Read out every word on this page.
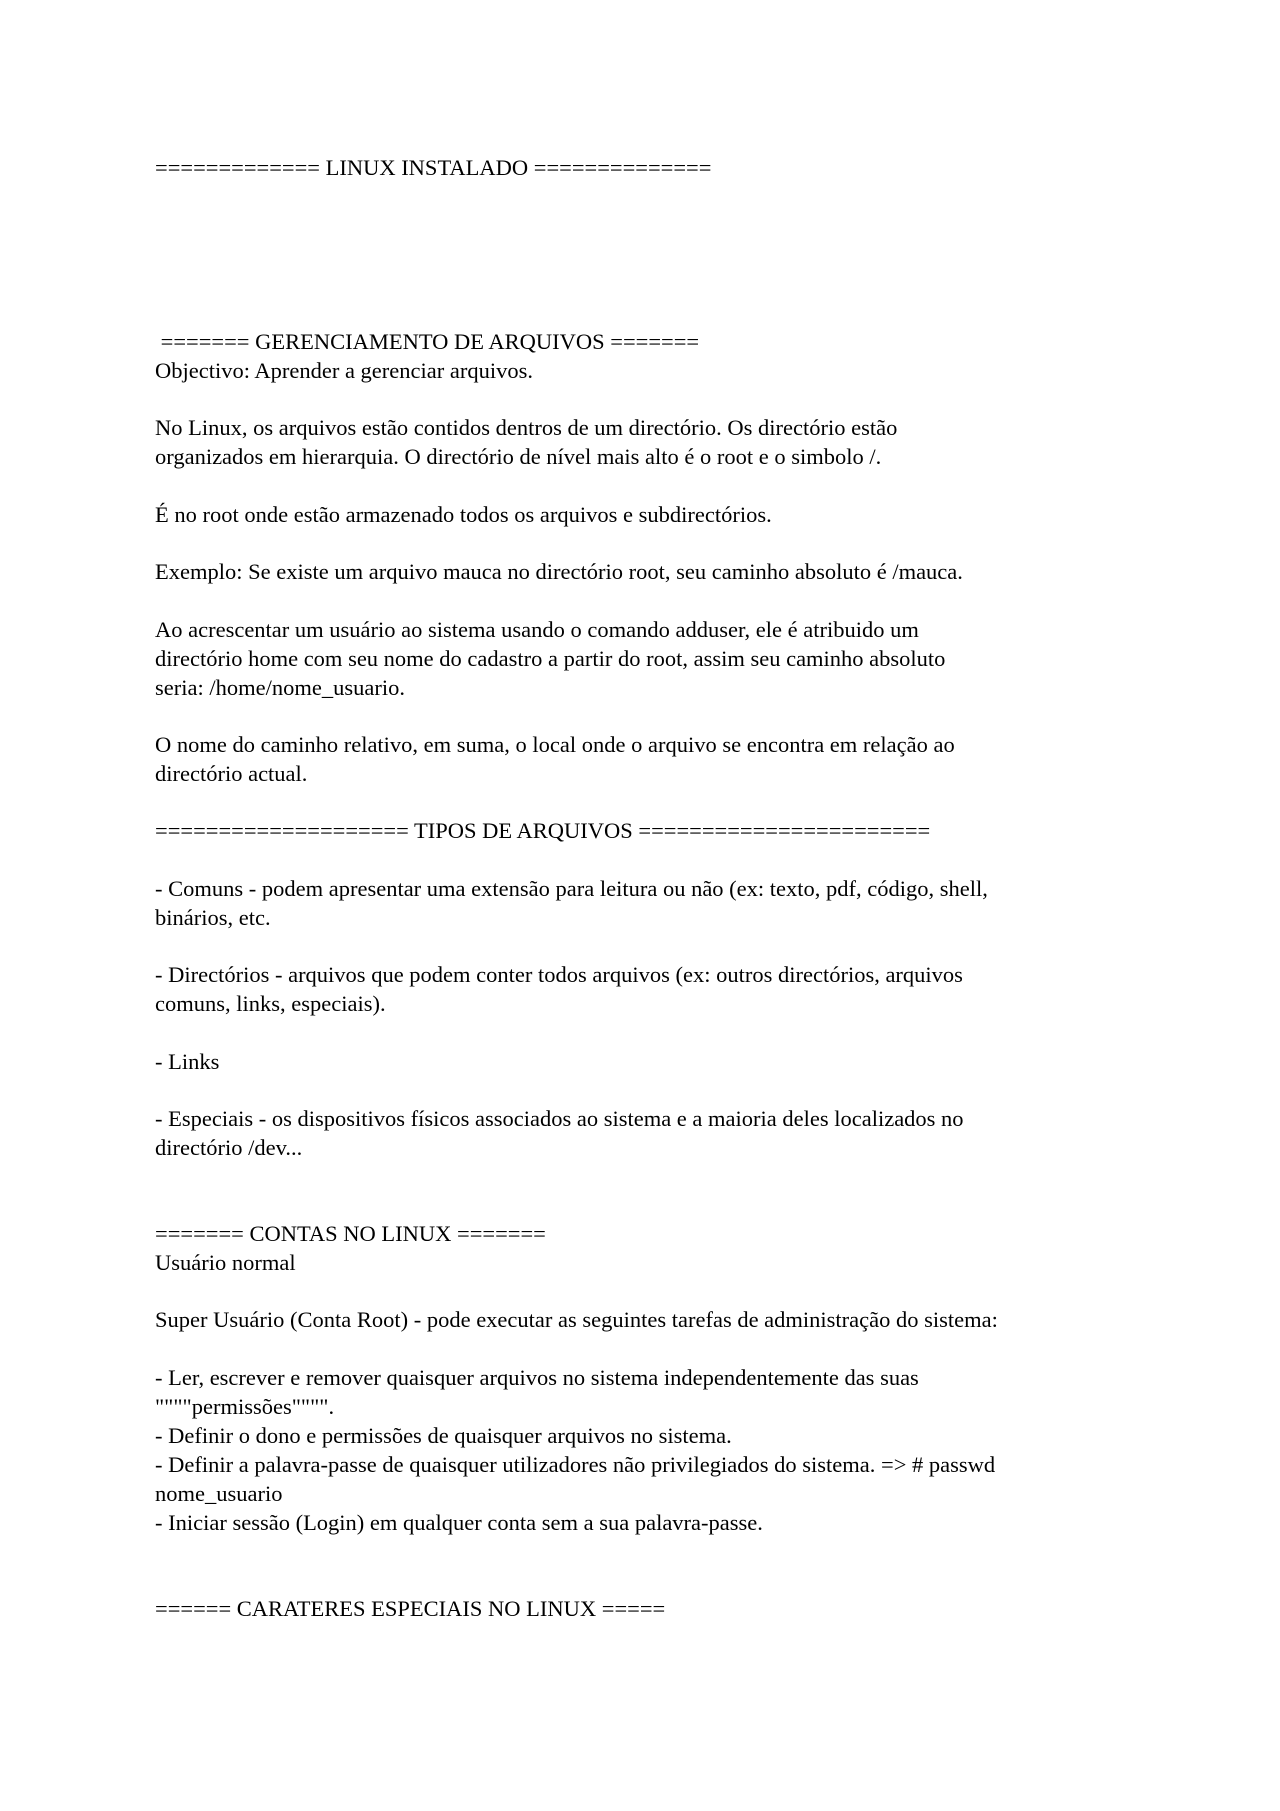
============= LINUX INSTALADO ==============

======= GERENCIAMENTO DE ARQUIVOS =======

Objectivo: Aprender a gerenciar arquivos.

No Linux, os arquivos estão contidos dentros de um directório. Os directório estão

organizados em hierarquia. O directório de nível mais alto é o root e o simbolo /.

É no root onde estão armazenado todos os arquivos e subdirectórios.

Exemplo: Se existe um arquivo mauca no directório root, seu caminho absoluto é /mauca.

Ao acrescentar um usuário ao sistema usando o comando adduser, ele é atribuido um

directório home com seu nome do cadastro a partir do root, assim seu caminho absoluto

seria: /home/nome_usuario.

O nome do caminho relativo, em suma, o local onde o arquivo se encontra em relação ao

directório actual.

==================== TIPOS DE ARQUIVOS =======================

- Comuns - podem apresentar uma extensão para leitura ou não (ex: texto, pdf, código, shell,

binários, etc.

- Directórios - arquivos que podem conter todos arquivos (ex: outros directórios, arquivos

comuns, links, especiais).

- Links

- Especiais - os dispositivos físicos associados ao sistema e a maioria deles localizados no

directório /dev...

======= CONTAS NO LINUX =======

Usuário normal

Super Usuário (Conta Root) - pode executar as seguintes tarefas de administração do sistema:

- Ler, escrever e remover quaisquer arquivos no sistema independentemente das suas

""""permissões"""".

- Definir o dono e permissões de quaisquer arquivos no sistema.

- Definir a palavra-passe de quaisquer utilizadores não privilegiados do sistema. => # passwd

nome_usuario

- Iniciar sessão (Login) em qualquer conta sem a sua palavra-passe.

====== CARATERES ESPECIAIS NO LINUX =====
